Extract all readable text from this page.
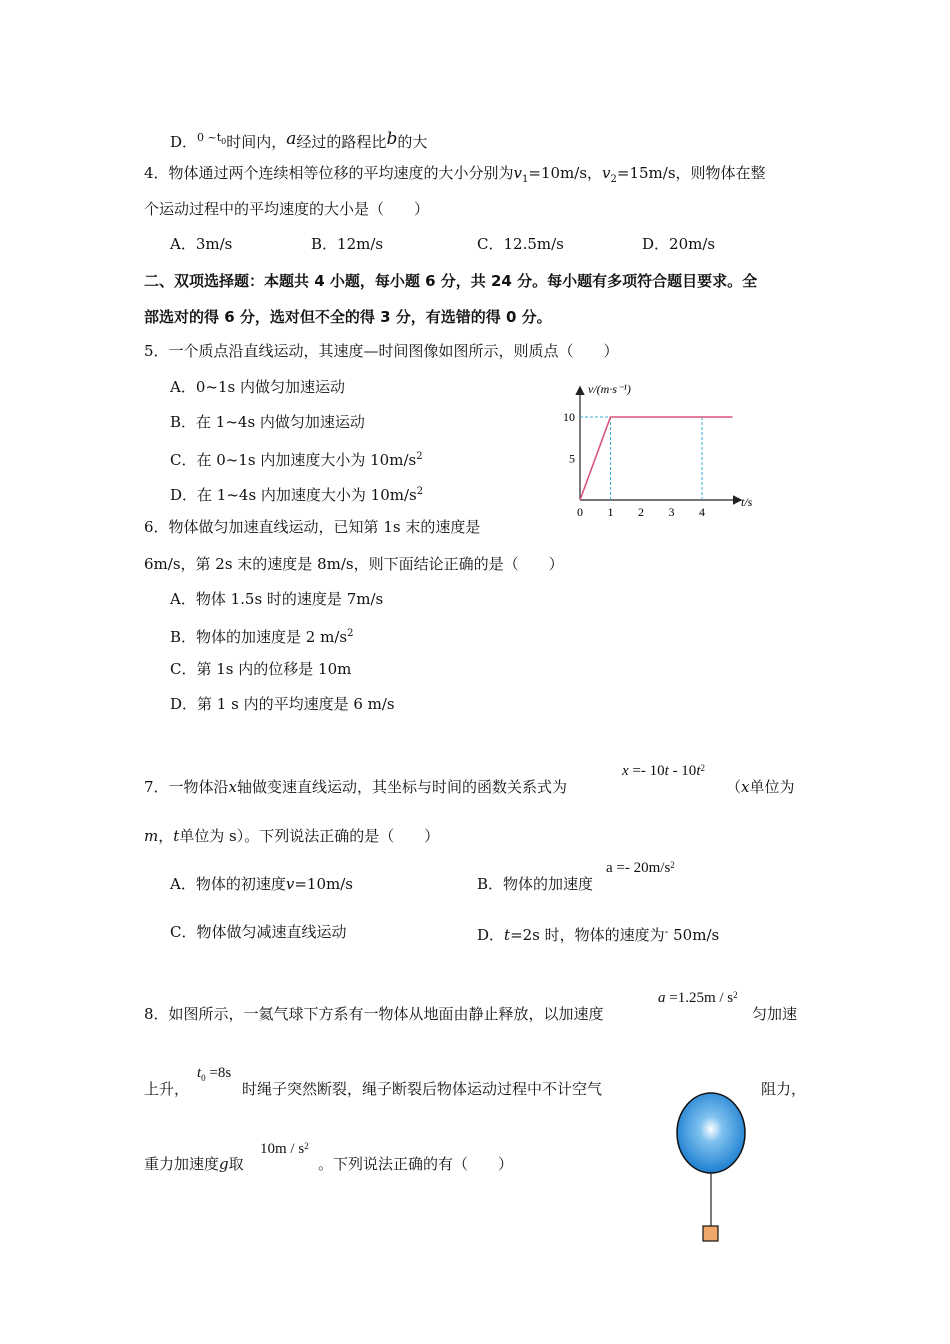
D．$^{0 \sim t_0}$时间内，a经过的路程比b的大
4．物体通过两个连续相等位移的平均速度的大小分别为$v_1=10m/s$，$v_2=15m/s$，则物体在整
个运动过程中的平均速度的大小是（　　）
A．3m/s	B．12m/s	C．12.5m/s	D．20m/s
二、双项选择题：本题共 4 小题，每小题 6 分，共 24 分。每小题有多项符合题目要求。全
部选对的得 6 分，选对但不全的得 3 分，有选错的得 0 分。
5．一个质点沿直线运动，其速度—时间图像如图所示，则质点（　　）
A．0~1s 内做匀加速运动
B．在 1~4s 内做匀加速运动
C．在 0~1s 内加速度大小为 $10m/s^2$
D．在 1~4s 内加速度大小为 $10m/s^2$
0 1 2 3 4
5
10
v/(m·s⁻¹)
t/s
6．物体做匀加速直线运动，已知第 1s 末的速度是
6m/s，第 2s 末的速度是 8m/s，则下面结论正确的是（　　）
A．物体 1.5s 时的速度是 7m/s
B．物体的加速度是 2 $m/s^2$
C．第 1s 内的位移是 10m
D．第 1 s 内的平均速度是 6 m/s
7．一物体沿x轴做变速直线运动，其坐标与时间的函数关系式为
$x =- 10t - 10t^2$
（x单位为
m，t单位为 s）。下列说法正确的是（　　）
A．物体的初速度v=10m/s	B．物体的加速度
$a =- 20m/s^2$
C．物体做匀减速直线运动	D．t=2s 时，物体的速度为- 50m/s
8．如图所示，一氦气球下方系有一物体从地面由静止释放，以加速度
$a =1.25m / s^2$
匀加速
上升，
$t_0 =8s$
时绳子突然断裂，绳子断裂后物体运动过程中不计空气	阻力，
重力加速度g取
$10m / s^2$
。下列说法正确的有（　　）
